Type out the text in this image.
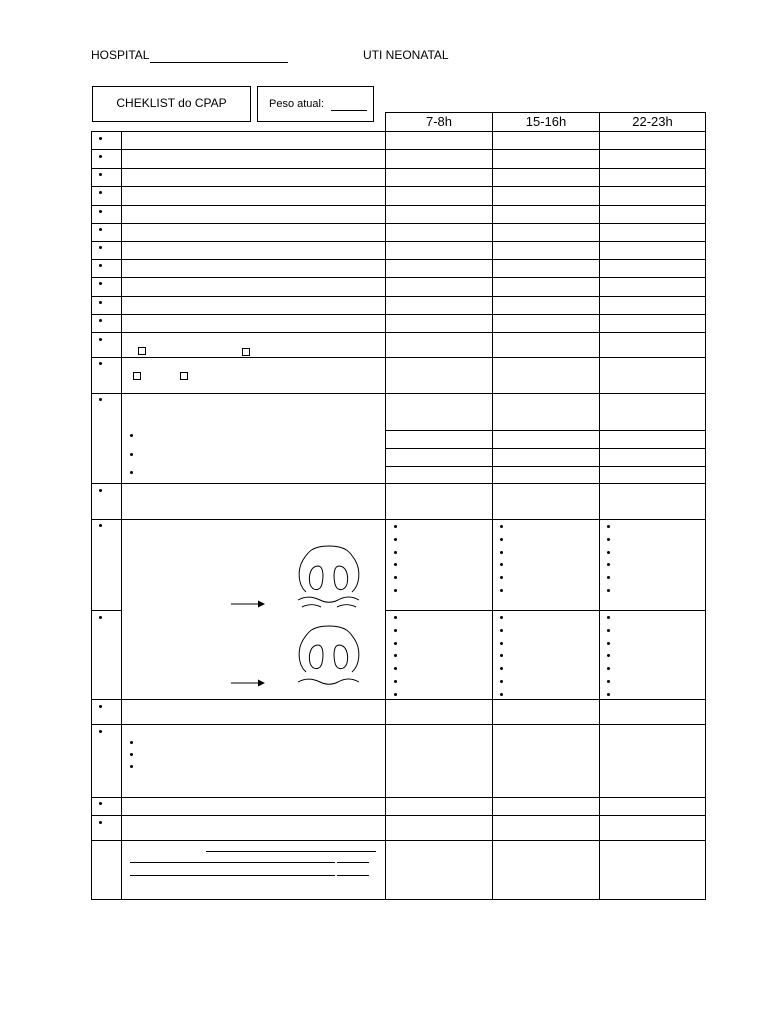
HOSPITAL	UTI NEONATAL
CHEKLIST do CPAP	Peso atual:
7-8h	15-16h	22-23h
